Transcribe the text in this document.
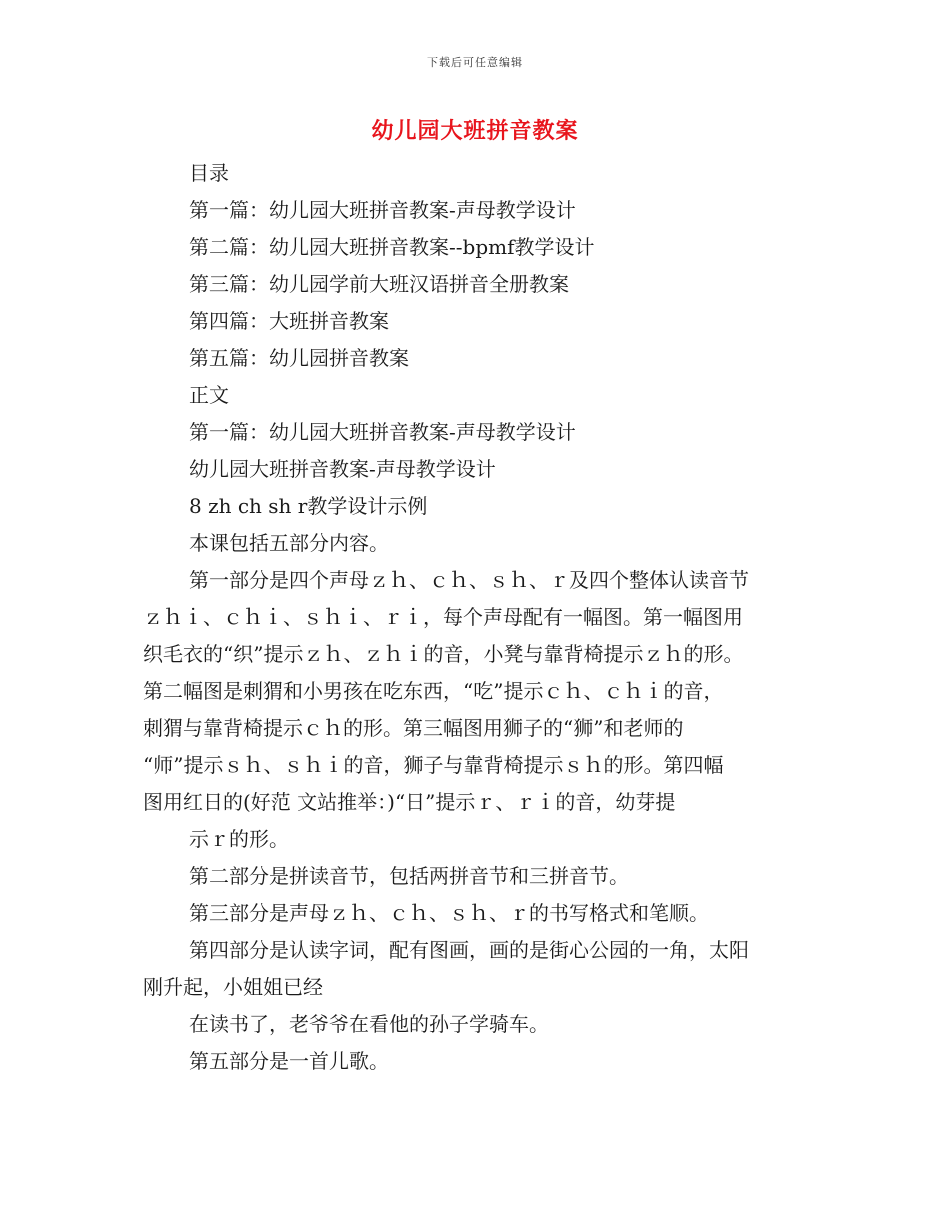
下载后可任意编辑
幼儿园大班拼音教案
目录
第一篇：幼儿园大班拼音教案-声母教学设计
第二篇：幼儿园大班拼音教案--bpmf教学设计
第三篇：幼儿园学前大班汉语拼音全册教案
第四篇：大班拼音教案
第五篇：幼儿园拼音教案
正文
第一篇：幼儿园大班拼音教案-声母教学设计
幼儿园大班拼音教案-声母教学设计
8 zh ch sh r教学设计示例
本课包括五部分内容。
第一部分是四个声母ｚｈ、ｃｈ、ｓｈ、ｒ及四个整体认读音节
ｚｈｉ、ｃｈｉ、ｓｈｉ、ｒｉ，每个声母配有一幅图。第一幅图用
织毛衣的“织”提示ｚｈ、ｚｈｉ的音，小凳与靠背椅提示ｚｈ的形。
第二幅图是刺猬和小男孩在吃东西，“吃”提示ｃｈ、ｃｈｉ的音，
刺猬与靠背椅提示ｃｈ的形。第三幅图用狮子的“狮”和老师的
“师”提示ｓｈ、ｓｈｉ的音，狮子与靠背椅提示ｓｈ的形。第四幅
图用红日的(好范 文站推举：)“日”提示ｒ、ｒｉ的音，幼芽提
示ｒ的形。
第二部分是拼读音节，包括两拼音节和三拼音节。
第三部分是声母ｚｈ、ｃｈ、ｓｈ、ｒ的书写格式和笔顺。
第四部分是认读字词，配有图画，画的是街心公园的一角，太阳
刚升起，小姐姐已经
在读书了，老爷爷在看他的孙子学骑车。
第五部分是一首儿歌。
